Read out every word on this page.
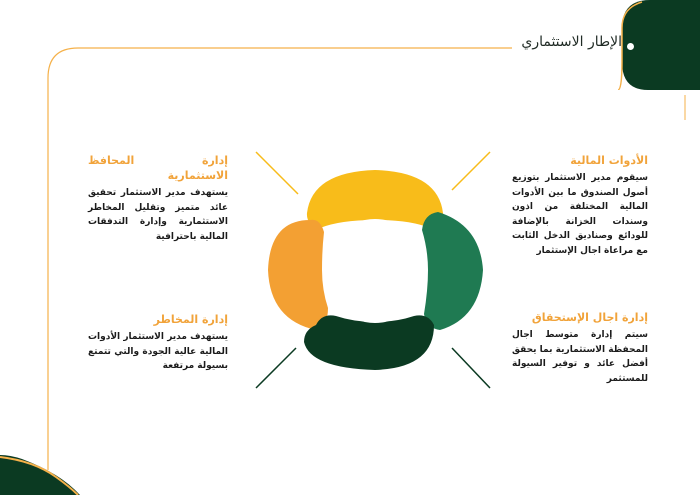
الإطار الاستثماري

إدارة المحافظ الاستثمارية

يستهدف مدير الاستثمار تحقيق عائد متميز وتقليل المخاطر الاستثمارية وإدارة التدفقات المالية باحترافية

الأدوات المالية

سيقوم مدير الاستثمار بتوزيع أصول الصندوق ما بين الأدوات المالية المختلفة من اذون وسندات الخزانة بالإضافة للودائع وصناديق الدخل الثابت مع مراعاة اجال الإستثمار

إدارة المخاطر

يستهدف مدير الاستثمار الأدوات المالية عالية الجودة والتي تتمتع بسيولة مرتفعة

إدارة اجال الإستحقاق

سيتم إدارة متوسط اجال المحفظة الاستثمارية بما يحقق أفضل عائد و توفير السيولة للمستثمر
